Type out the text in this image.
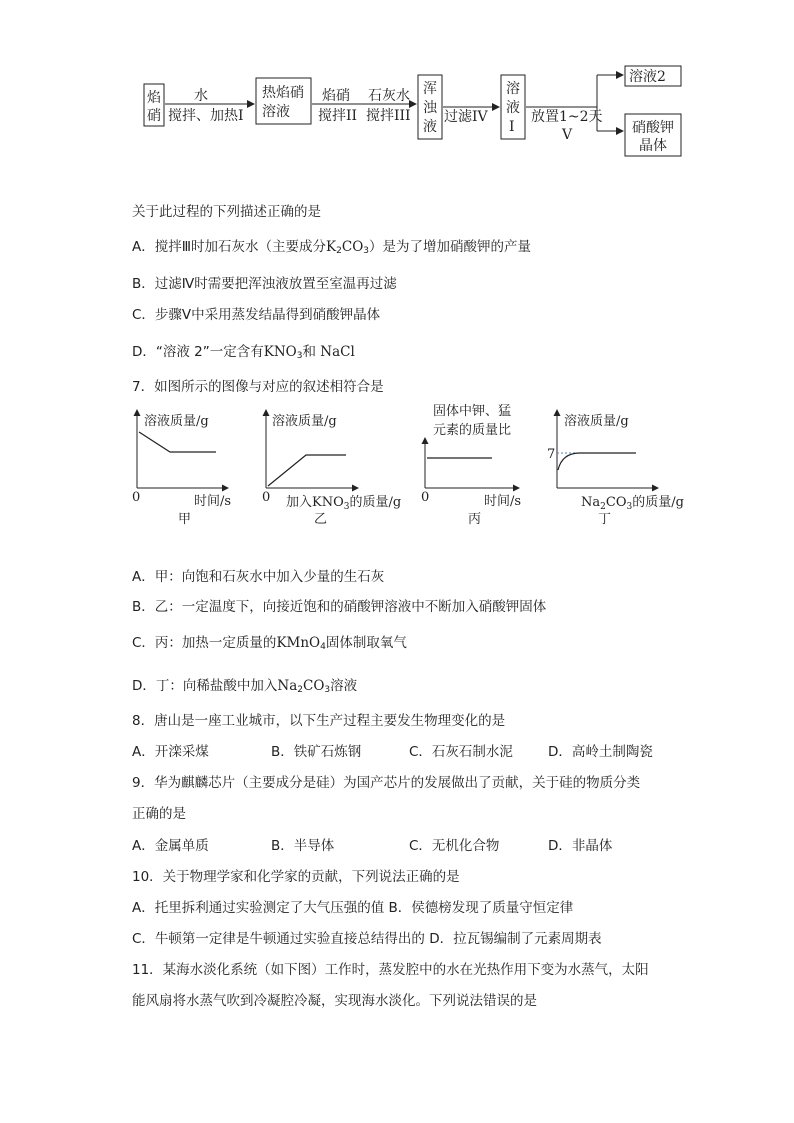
焰
硝
水
搅拌、加热I
热焰硝
溶液
焰硝
搅拌II
石灰水
搅拌III
浑
浊
液
过滤IV
溶
液
I
放置1~2天
V
溶液2
硝酸钾
晶体
关于此过程的下列描述正确的是
A．搅拌Ⅲ时加石灰水（主要成分$K_2CO_3$）是为了增加硝酸钾的产量
B．过滤Ⅳ时需要把浑浊液放置至室温再过滤
C．步骤Ⅴ中采用蒸发结晶得到硝酸钾晶体
D．“溶液 2”一定含有$KNO_3$和 NaCl
7．如图所示的图像与对应的叙述相符合是
溶液质量/g
0	时间/s
甲
溶液质量/g
0 加入$KNO_3$的质量/g
乙
固体中钾、猛
元素的质量比
0	时间/s
丙
溶液质量/g
7
$Na_2CO_3$的质量/g
丁
A．甲：向饱和石灰水中加入少量的生石灰
B．乙：一定温度下，向接近饱和的硝酸钾溶液中不断加入硝酸钾固体
C．丙：加热一定质量的KMnO$_4$固体制取氧气
D．丁：向稀盐酸中加入$Na_2CO_3$溶液
8．唐山是一座工业城市，以下生产过程主要发生物理变化的是
A．开滦采煤	B．铁矿石炼钢	C．石灰石制水泥	D．高岭土制陶瓷
9．华为麒麟芯片（主要成分是硅）为国产芯片的发展做出了贡献，关于硅的物质分类
正确的是
A．金属单质	B．半导体	C．无机化合物	D．非晶体
10．关于物理学家和化学家的贡献，下列说法正确的是
A．托里拆利通过实验测定了大气压强的值 B．侯德榜发现了质量守恒定律
C．牛顿第一定律是牛顿通过实验直接总结得出的 D．拉瓦锡编制了元素周期表
11．某海水淡化系统（如下图）工作时，蒸发腔中的水在光热作用下变为水蒸气，太阳
能风扇将水蒸气吹到冷凝腔冷凝，实现海水淡化。下列说法错误的是
